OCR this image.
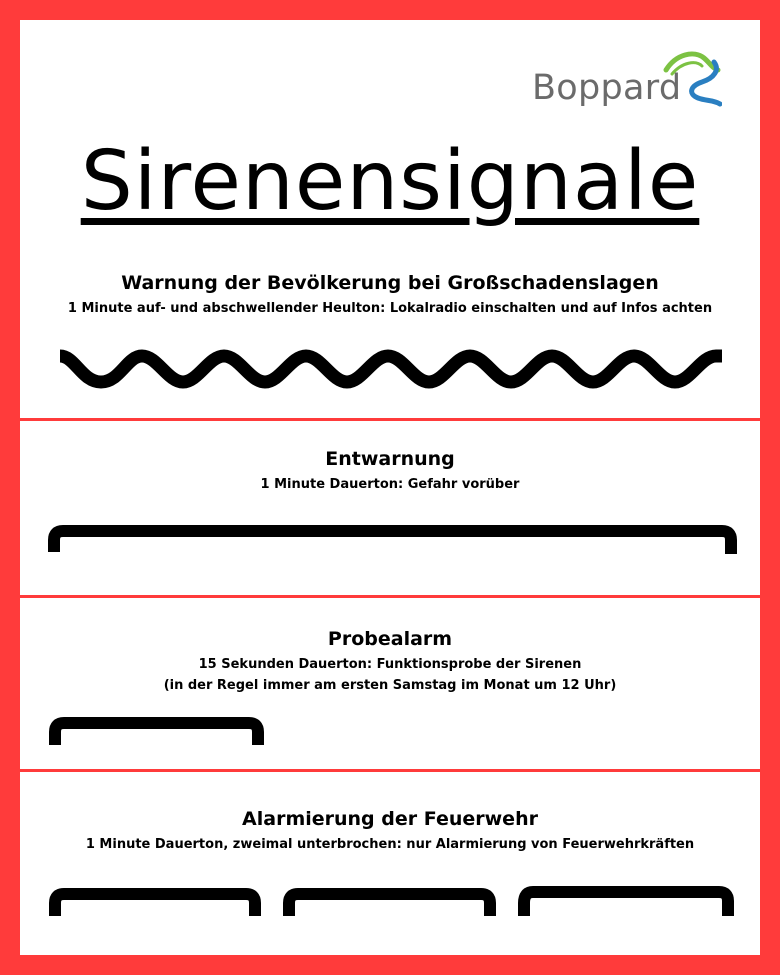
Boppard
Sirenensignale

Warnung der Bevölkerung bei Großschadenslagen

1 Minute auf- und abschwellender Heulton: Lokalradio einschalten und auf Infos achten

Entwarnung

1 Minute Dauerton: Gefahr vorüber

Probealarm

15 Sekunden Dauerton: Funktionsprobe der Sirenen

(in der Regel immer am ersten Samstag im Monat um 12 Uhr)

Alarmierung der Feuerwehr

1 Minute Dauerton, zweimal unterbrochen: nur Alarmierung von Feuerwehrkräften
